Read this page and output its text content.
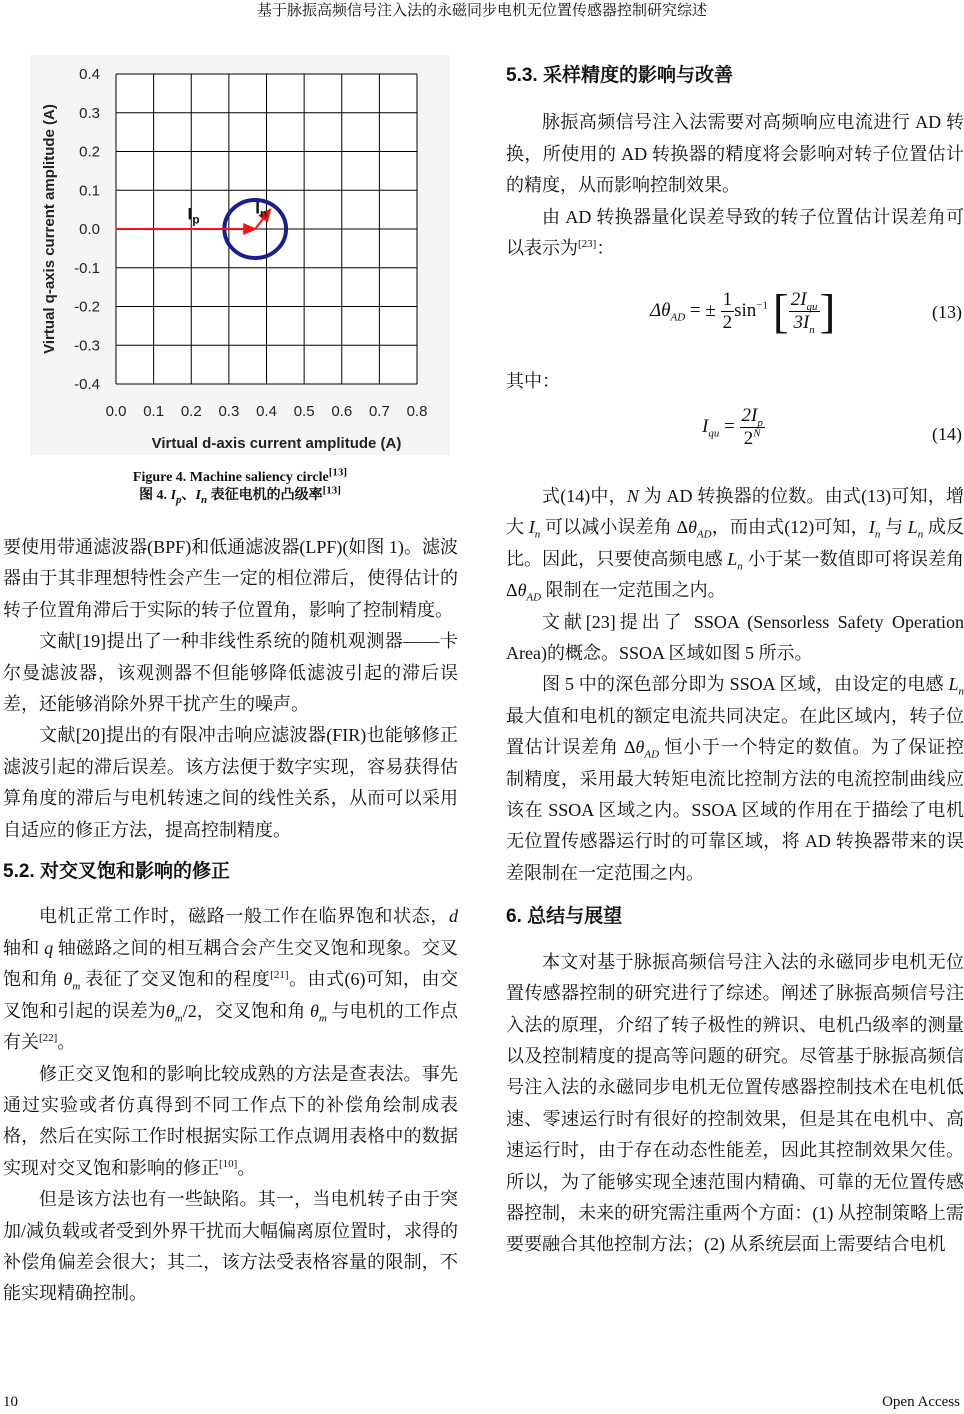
基于脉振高频信号注入法的永磁同步电机无位置传感器控制研究综述
0.0 0.1 0.2 0.3 0.4 0.5 0.6 0.7 0.8
0.4
0.3
0.2
0.1
0.0
-0.1
-0.2
-0.3
-0.4
Virtual d-axis current amplitude (A)
Virtual q-axis current amplitude (A)	$I_p$
$I_n$
Figure 4. Machine saliency circle[13]
图 4. $I_p$、$I_n$ 表征电机的凸级率[13]

要使用带通滤波器(BPF)和低通滤波器(LPF)(如图 1)。滤波器由于其非理想特性会产生一定的相位滞后，使得估计的转子位置角滞后于实际的转子位置角，影响了控制精度。

文献[19]提出了一种非线性系统的随机观测器——卡尔曼滤波器，该观测器不但能够降低滤波引起的滞后误差，还能够消除外界干扰产生的噪声。

文献[20]提出的有限冲击响应滤波器(FIR)也能够修正滤波引起的滞后误差。该方法便于数字实现，容易获得估算角度的滞后与电机转速之间的线性关系，从而可以采用自适应的修正方法，提高控制精度。

5.2. 对交叉饱和影响的修正

电机正常工作时，磁路一般工作在临界饱和状态，d轴和 q 轴磁路之间的相互耦合会产生交叉饱和现象。交叉饱和角 $\theta_m$ 表征了交叉饱和的程度[21]。由式(6)可知，由交叉饱和引起的误差为$\theta_m/2$，交叉饱和角 $\theta_m$ 与电机的工作点有关[22]。

修正交叉饱和的影响比较成熟的方法是查表法。事先通过实验或者仿真得到不同工作点下的补偿角绘制成表格，然后在实际工作时根据实际工作点调用表格中的数据实现对交叉饱和影响的修正[10]。

但是该方法也有一些缺陷。其一，当电机转子由于突加/减负载或者受到外界干扰而大幅偏离原位置时，求得的补偿角偏差会很大；其二，该方法受表格容量的限制，不能实现精确控制。

5.3. 采样精度的影响与改善

脉振高频信号注入法需要对高频响应电流进行 AD 转换，所使用的 AD 转换器的精度将会影响对转子位置估计的精度，从而影响控制效果。

由 AD 转换器量化误差导致的转子位置估计误差角可以表示为[23]：

$\Delta\theta_{AD}$ = ± $\frac{1}{2} \sin^{-1}$ [ $\frac{2I_{qu}}{3I_n}$ ]	(13)
其中：
$I_{qu} = \frac{2I_p}{2^N}$	(14)

式(14)中，N 为 AD 转换器的位数。由式(13)可知，增大 $I_n$ 可以减小误差角 $\Delta\theta_{AD}$，而由式(12)可知，$I_n$ 与 $L_n$ 成反比。因此，只要使高频电感 $L_n$ 小于某一数值即可将误差角 $\Delta\theta_{AD}$ 限制在一定范围之内。

文献[23]提出了 SSOA (Sensorless Safety Operation Area)的概念。SSOA 区域如图 5 所示。

图 5 中的深色部分即为 SSOA 区域，由设定的电感 $L_n$ 最大值和电机的额定电流共同决定。在此区域内，转子位置估计误差角 $\Delta\theta_{AD}$ 恒小于一个特定的数值。为了保证控制精度，采用最大转矩电流比控制方法的电流控制曲线应该在 SSOA 区域之内。SSOA 区域的作用在于描绘了电机无位置传感器运行时的可靠区域，将 AD 转换器带来的误差限制在一定范围之内。

6. 总结与展望

本文对基于脉振高频信号注入法的永磁同步电机无位置传感器控制的研究进行了综述。阐述了脉振高频信号注入法的原理，介绍了转子极性的辨识、电机凸级率的测量以及控制精度的提高等问题的研究。尽管基于脉振高频信号注入法的永磁同步电机无位置传感器控制技术在电机低速、零速运行时有很好的控制效果，但是其在电机中、高速运行时，由于存在动态性能差，因此其控制效果欠佳。所以，为了能够实现全速范围内精确、可靠的无位置传感器控制，未来的研究需注重两个方面：(1) 从控制策略上需要要融合其他控制方法；(2) 从系统层面上需要结合电机

10	Open Access
